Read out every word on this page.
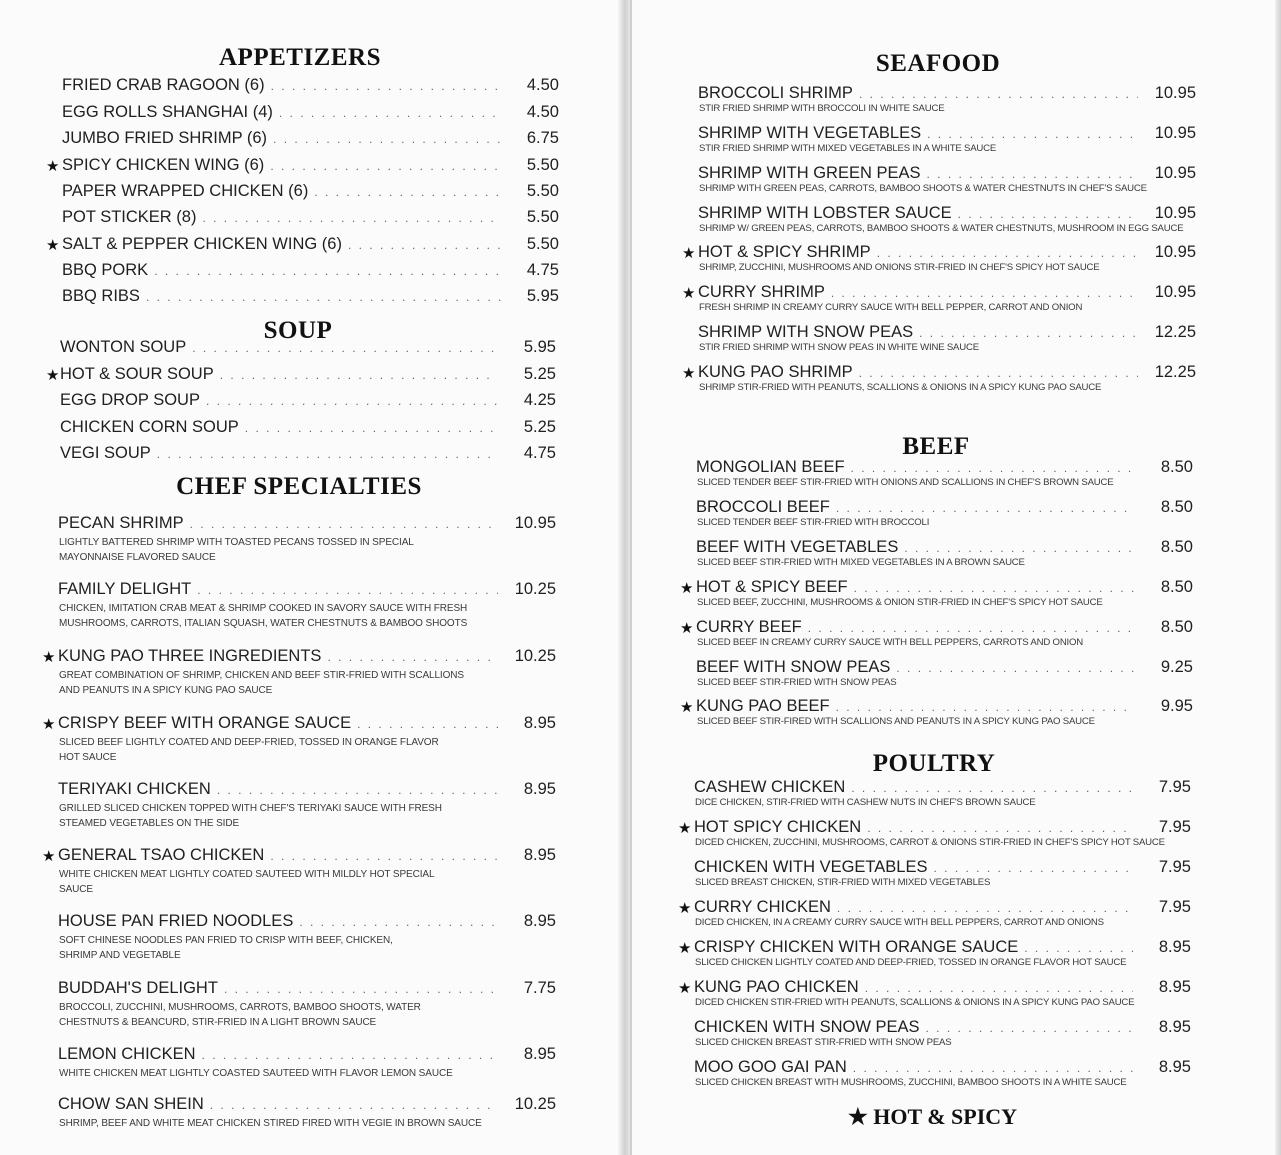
★ HOT & SPICY
APPETIZERS
FRIED CRAB RAGOON (6) . . .	4.50
EGG ROLLS SHANGHAI (4) . . .	4.50
JUMBO FRIED SHRIMP (6) . . .	6.75
SPICY CHICKEN WING (6) . . .	5.50
★
PAPER WRAPPED CHICKEN (6) . . .	5.50
POT STICKER (8) . . .	5.50
SALT & PEPPER CHICKEN WING (6) . . .	5.50
★
BBQ PORK . . .	4.75
BBQ RIBS . . .	5.95
SOUP
WONTON SOUP . . .	5.95
HOT & SOUR SOUP . . .	5.25
★
EGG DROP SOUP . . .	4.25
CHICKEN CORN SOUP . . .	5.25
VEGI SOUP . . .	4.75
CHEF SPECIALTIES
PECAN SHRIMP . . .	10.95
LIGHTLY BATTERED SHRIMP WITH TOASTED PECANS TOSSED IN SPECIAL
MAYONNAISE FLAVORED SAUCE
FAMILY DELIGHT . . .	10.25
CHICKEN, IMITATION CRAB MEAT & SHRIMP COOKED IN SAVORY SAUCE WITH FRESH
MUSHROOMS, CARROTS, ITALIAN SQUASH, WATER CHESTNUTS & BAMBOO SHOOTS
KUNG PAO THREE INGREDIENTS . . .	10.25
★
GREAT COMBINATION OF SHRIMP, CHICKEN AND BEEF STIR-FRIED WITH SCALLIONS
AND PEANUTS IN A SPICY KUNG PAO SAUCE
CRISPY BEEF WITH ORANGE SAUCE . . .	8.95
★
SLICED BEEF LIGHTLY COATED AND DEEP-FRIED, TOSSED IN ORANGE FLAVOR
HOT SAUCE
TERIYAKI CHICKEN . . .	8.95
GRILLED SLICED CHICKEN TOPPED WITH CHEF'S TERIYAKI SAUCE WITH FRESH
STEAMED VEGETABLES ON THE SIDE
GENERAL TSAO CHICKEN . . .	8.95
★
WHITE CHICKEN MEAT LIGHTLY COATED SAUTEED WITH MILDLY HOT SPECIAL
SAUCE
HOUSE PAN FRIED NOODLES . . .	8.95
SOFT CHINESE NOODLES PAN FRIED TO CRISP WITH BEEF, CHICKEN,
SHRIMP AND VEGETABLE
BUDDAH'S DELIGHT . . .	7.75
BROCCOLI, ZUCCHINI, MUSHROOMS, CARROTS, BAMBOO SHOOTS, WATER
CHESTNUTS & BEANCURD, STIR-FRIED IN A LIGHT BROWN SAUCE
LEMON CHICKEN . . .	8.95
WHITE CHICKEN MEAT LIGHTLY COASTED SAUTEED WITH FLAVOR LEMON SAUCE
CHOW SAN SHEIN . . .	10.25
SHRIMP, BEEF AND WHITE MEAT CHICKEN STIRED FIRED WITH VEGIE IN BROWN SAUCE
SEAFOOD
BROCCOLI SHRIMP . . .	10.95
STIR FRIED SHRIMP WITH BROCCOLI IN WHITE SAUCE
SHRIMP WITH VEGETABLES . . .	10.95
STIR FRIED SHRIMP WITH MIXED VEGETABLES IN A WHITE SAUCE
SHRIMP WITH GREEN PEAS . . .	10.95
SHRIMP WITH GREEN PEAS, CARROTS, BAMBOO SHOOTS & WATER CHESTNUTS IN CHEF'S SAUCE
SHRIMP WITH LOBSTER SAUCE . . .	10.95
SHRIMP W/ GREEN PEAS, CARROTS, BAMBOO SHOOTS & WATER CHESTNUTS, MUSHROOM IN EGG SAUCE
HOT & SPICY SHRIMP . . .	10.95
★
SHRIMP, ZUCCHINI, MUSHROOMS AND ONIONS STIR-FRIED IN CHEF'S SPICY HOT SAUCE
CURRY SHRIMP . . .	10.95
★
FRESH SHRIMP IN CREAMY CURRY SAUCE WITH BELL PEPPER, CARROT AND ONION
SHRIMP WITH SNOW PEAS . . .	12.25
STIR FRIED SHRIMP WITH SNOW PEAS IN WHITE WINE SAUCE
KUNG PAO SHRIMP . . .	12.25
★
SHRIMP STIR-FRIED WITH PEANUTS, SCALLIONS & ONIONS IN A SPICY KUNG PAO SAUCE
BEEF
MONGOLIAN BEEF . . .	8.50
SLICED TENDER BEEF STIR-FRIED WITH ONIONS AND SCALLIONS IN CHEF'S BROWN SAUCE
BROCCOLI BEEF . . .	8.50
SLICED TENDER BEEF STIR-FRIED WITH BROCCOLI
BEEF WITH VEGETABLES . . .	8.50
SLICED BEEF STIR-FRIED WITH MIXED VEGETABLES IN A BROWN SAUCE
HOT & SPICY BEEF . . .	8.50
★
SLICED BEEF, ZUCCHINI, MUSHROOMS & ONION STIR-FRIED IN CHEF'S SPICY HOT SAUCE
CURRY BEEF . . .	8.50
★
SLICED BEEF IN CREAMY CURRY SAUCE WITH BELL PEPPERS, CARROTS AND ONION
BEEF WITH SNOW PEAS . . .	9.25
SLICED BEEF STIR-FRIED WITH SNOW PEAS
KUNG PAO BEEF . . .	9.95
★
SLICED BEEF STIR-FIRED WITH SCALLIONS AND PEANUTS IN A SPICY KUNG PAO SAUCE
POULTRY
CASHEW CHICKEN . . .	7.95
DICE CHICKEN, STIR-FRIED WITH CASHEW NUTS IN CHEF'S BROWN SAUCE
HOT SPICY CHICKEN . . .	7.95
★
DICED CHICKEN, ZUCCHINI, MUSHROOMS, CARROT & ONIONS STIR-FRIED IN CHEF'S SPICY HOT SAUCE
CHICKEN WITH VEGETABLES . . .	7.95
SLICED BREAST CHICKEN, STIR-FRIED WITH MIXED VEGETABLES
CURRY CHICKEN . . .	7.95
★
DICED CHICKEN, IN A CREAMY CURRY SAUCE WITH BELL PEPPERS, CARROT AND ONIONS
CRISPY CHICKEN WITH ORANGE SAUCE . . .	8.95
★
SLICED CHICKEN LIGHTLY COATED AND DEEP-FRIED, TOSSED IN ORANGE FLAVOR HOT SAUCE
KUNG PAO CHICKEN . . .	8.95
★
DICED CHICKEN STIR-FRIED WITH PEANUTS, SCALLIONS & ONIONS IN A SPICY KUNG PAO SAUCE
CHICKEN WITH SNOW PEAS . . .	8.95
SLICED CHICKEN BREAST STIR-FRIED WITH SNOW PEAS
MOO GOO GAI PAN . . .	8.95
SLICED CHICKEN BREAST WITH MUSHROOMS, ZUCCHINI, BAMBOO SHOOTS IN A WHITE SAUCE
